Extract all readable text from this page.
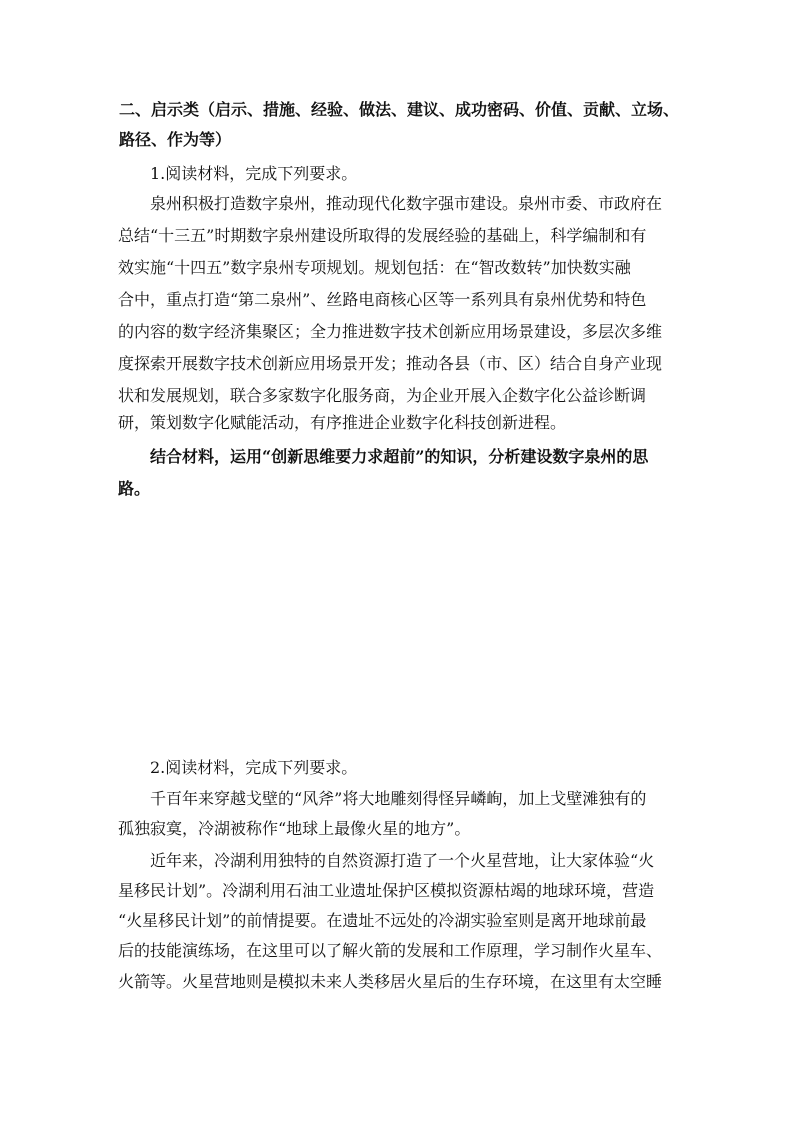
二、启示类（启示、措施、经验、做法、建议、成功密码、价值、贡献、立场、
路径、作为等）
1.阅读材料，完成下列要求。
泉州积极打造数字泉州，推动现代化数字强市建设。泉州市委、市政府在
总结“十三五”时期数字泉州建设所取得的发展经验的基础上，科学编制和有
效实施“十四五”数字泉州专项规划。规划包括：在“智改数转”加快数实融
合中，重点打造“第二泉州”、丝路电商核心区等一系列具有泉州优势和特色
的内容的数字经济集聚区；全力推进数字技术创新应用场景建设，多层次多维
度探索开展数字技术创新应用场景开发；推动各县（市、区）结合自身产业现
状和发展规划，联合多家数字化服务商，为企业开展入企数字化公益诊断调
研，策划数字化赋能活动，有序推进企业数字化科技创新进程。
结合材料，运用“创新思维要力求超前”的知识，分析建设数字泉州的思
路。
2.阅读材料，完成下列要求。
千百年来穿越戈壁的“风斧”将大地雕刻得怪异嶙峋，加上戈壁滩独有的
孤独寂寞，冷湖被称作“地球上最像火星的地方”。
近年来，冷湖利用独特的自然资源打造了一个火星营地，让大家体验“火
星移民计划”。冷湖利用石油工业遗址保护区模拟资源枯竭的地球环境，营造
“火星移民计划”的前情提要。在遗址不远处的冷湖实验室则是离开地球前最
后的技能演练场，在这里可以了解火箭的发展和工作原理，学习制作火星车、
火箭等。火星营地则是模拟未来人类移居火星后的生存环境，在这里有太空睡
